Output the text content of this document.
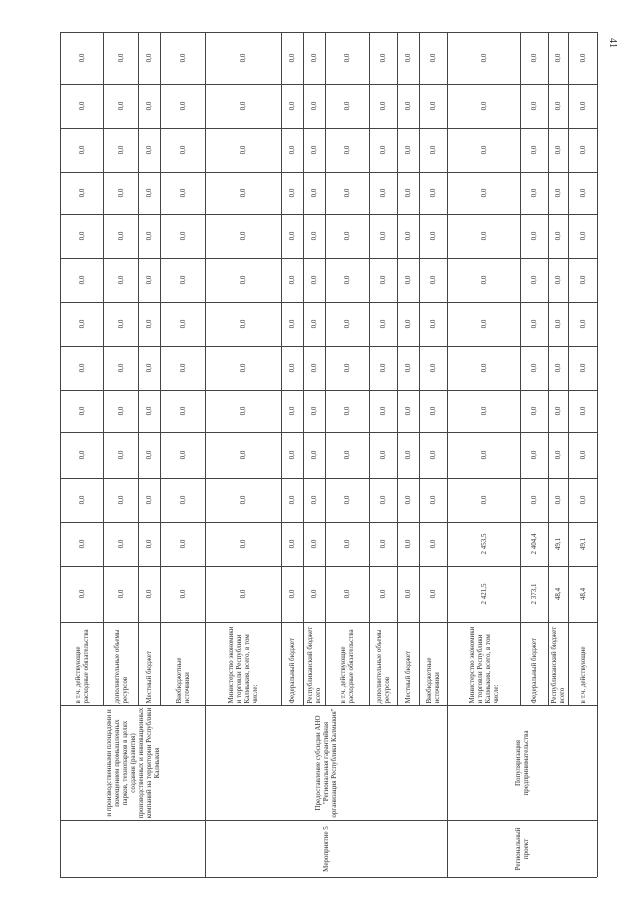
41
и производственными площадями и помещением промышленных парков, технопарков в целях создания (развития) производственных и инновационных компаний на территории Республики Калмыкия
в т.ч. действующие расходные обязательства
0,0
0,0
0,0
0,0
0,0
0,0
0,0
0,0
0,0
0,0
0,0
0,0
0,0
дополнительные объемы ресурсов
0,0
0,0
0,0
0,0
0,0
0,0
0,0
0,0
0,0
0,0
0,0
0,0
0,0
Местный бюджет
0,0
0,0
0,0
0,0
0,0
0,0
0,0
0,0
0,0
0,0
0,0
0,0
0,0
Внебюджетные источники
0,0
0,0
0,0
0,0
0,0
0,0
0,0
0,0
0,0
0,0
0,0
0,0
0,0
Мероприятие 5
Предоставление субсидии АНО "Региональная гарантийная организация Республики Калмыкия"
Министерство экономики и торговли Республики Калмыкия, всего, в том числе:
0,0
0,0
0,0
0,0
0,0
0,0
0,0
0,0
0,0
0,0
0,0
0,0
0,0
Федеральный бюджет
0,0
0,0
0,0
0,0
0,0
0,0
0,0
0,0
0,0
0,0
0,0
0,0
0,0
Республиканский бюджет всего
0,0
0,0
0,0
0,0
0,0
0,0
0,0
0,0
0,0
0,0
0,0
0,0
0,0
в т.ч. действующие расходные обязательства
0,0
0,0
0,0
0,0
0,0
0,0
0,0
0,0
0,0
0,0
0,0
0,0
0,0
дополнительные объемы ресурсов
0,0
0,0
0,0
0,0
0,0
0,0
0,0
0,0
0,0
0,0
0,0
0,0
0,0
Местный бюджет
0,0
0,0
0,0
0,0
0,0
0,0
0,0
0,0
0,0
0,0
0,0
0,0
0,0
Внебюджетные источники
0,0
0,0
0,0
0,0
0,0
0,0
0,0
0,0
0,0
0,0
0,0
0,0
0,0
Региональный проект
Популяризация предпринимательства
Министерство экономики и торговли Республики Калмыкия, всего, в том числе:
2 421,5
2 453,5
0,0
0,0
0,0
0,0
0,0
0,0
0,0
0,0
0,0
0,0
0,0
Федеральный бюджет
2 373,1
2 404,4
0,0
0,0
0,0
0,0
0,0
0,0
0,0
0,0
0,0
0,0
0,0
Республиканский бюджет всего
48,4
49,1
0,0
0,0
0,0
0,0
0,0
0,0
0,0
0,0
0,0
0,0
0,0
в т.ч. действующие
48,4
49,1
0,0
0,0
0,0
0,0
0,0
0,0
0,0
0,0
0,0
0,0
0,0
